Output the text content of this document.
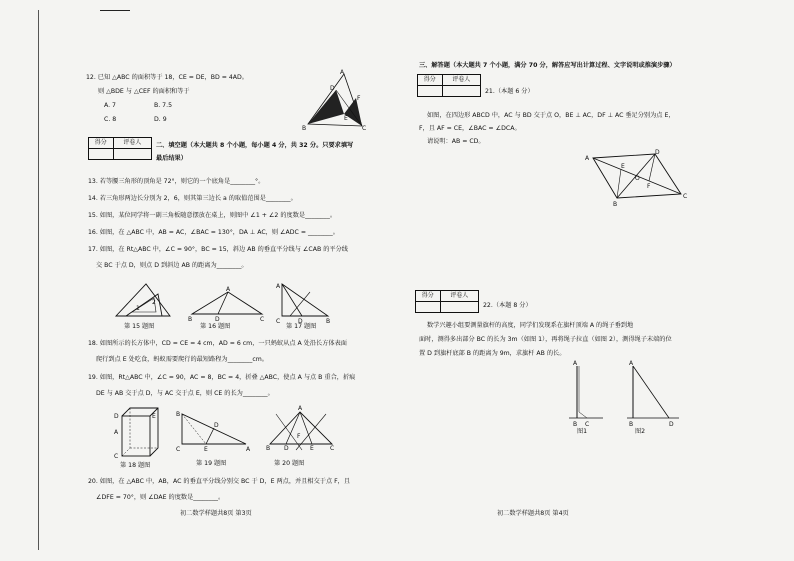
12. 已知 △ABC 的面积等于 18，CE = DE，BD = 4AD。
则 △BDE 与 △CEF 的面积和等于
A. 7	B. 7.5
C. 8	D. 9
A
D
F
E
B	C
得分	评卷人	二、填空题（本大题共 8 个小题，每小题 4 分，共 32 分。只要求填写
最后结果）
13. 若等腰三角形的顶角是 72°，则它的一个底角是________°。
14. 若三角形两边长分别为 2，6，则其第三边长 a 的取值范围是________。
15. 如图，某位同学将一副三角板随意摆放在桌上，则图中 ∠1 + ∠2 的度数是________。
16. 如图，在 △ABC 中，AB = AC，∠BAC = 130°，DA ⊥ AC，则 ∠ADC = ________。
17. 如图，在 Rt△ABC 中，∠C = 90°，BC = 15，斜边 AB 的垂直平分线与 ∠CAB 的平分线
交 BC 于点 D，则点 D 到斜边 AB 的距离为________。
1
2
第 15 题图
A
B	D	C
第 16 题图
A
C	D	B
第 17 题图
18. 如图所示的长方体中，CD = CE = 4 cm，AD = 6 cm，一只蚂蚁从点 A 处沿长方体表面
爬行到点 E 处吃食，蚂蚁需要爬行的最短路程为________cm。
19. 如图，Rt△ABC 中，∠C = 90，AC = 8，BC = 4，折叠 △ABC，使点 A 与点 B 重合，折痕
DE 与 AB 交于点 D，与 AC 交于点 E，则 CE 的长为________。
D
A
E
C
第 18 题图
B
D
C	E	A
第 19 题图
A
B D	E	C
F
第 20 题图
20. 如图，在 △ABC 中，AB，AC 的垂直平分线分别交 BC 于 D，E 两点，并且相交于点 F，且
∠DFE = 70°，则 ∠DAE 的度数是________。
初二数学样题共8页 第3页
三、解答题（本大题共 7 个小题，满分 70 分，解答应写出计算过程、文字说明或推演步骤）
得分	评卷人
21.（本题 6 分）
如图，在四边形 ABCD 中，AC 与 BD 交于点 O，BE ⊥ AC，DF ⊥ AC 垂足分别为点 E，
F，且 AF = CE，∠BAC = ∠DCA。
请说明：AB = CD。
A
D
E
O
F
B
C
得分	评卷人
22.（本题 8 分）
数学兴趣小组要测量旗杆的高度，同学们发现系在旗杆顶端 A 的绳子垂到地
面时，测得多出部分 BC 的长为 3m（如图 1），再将绳子拉直（如图 2），测得绳子末端的位
置 D 到旗杆底部 B 的距离为 9m，求旗杆 AB 的长。
A
B C
图1
A
B	D
图2
初二数学样题共8页 第4页
